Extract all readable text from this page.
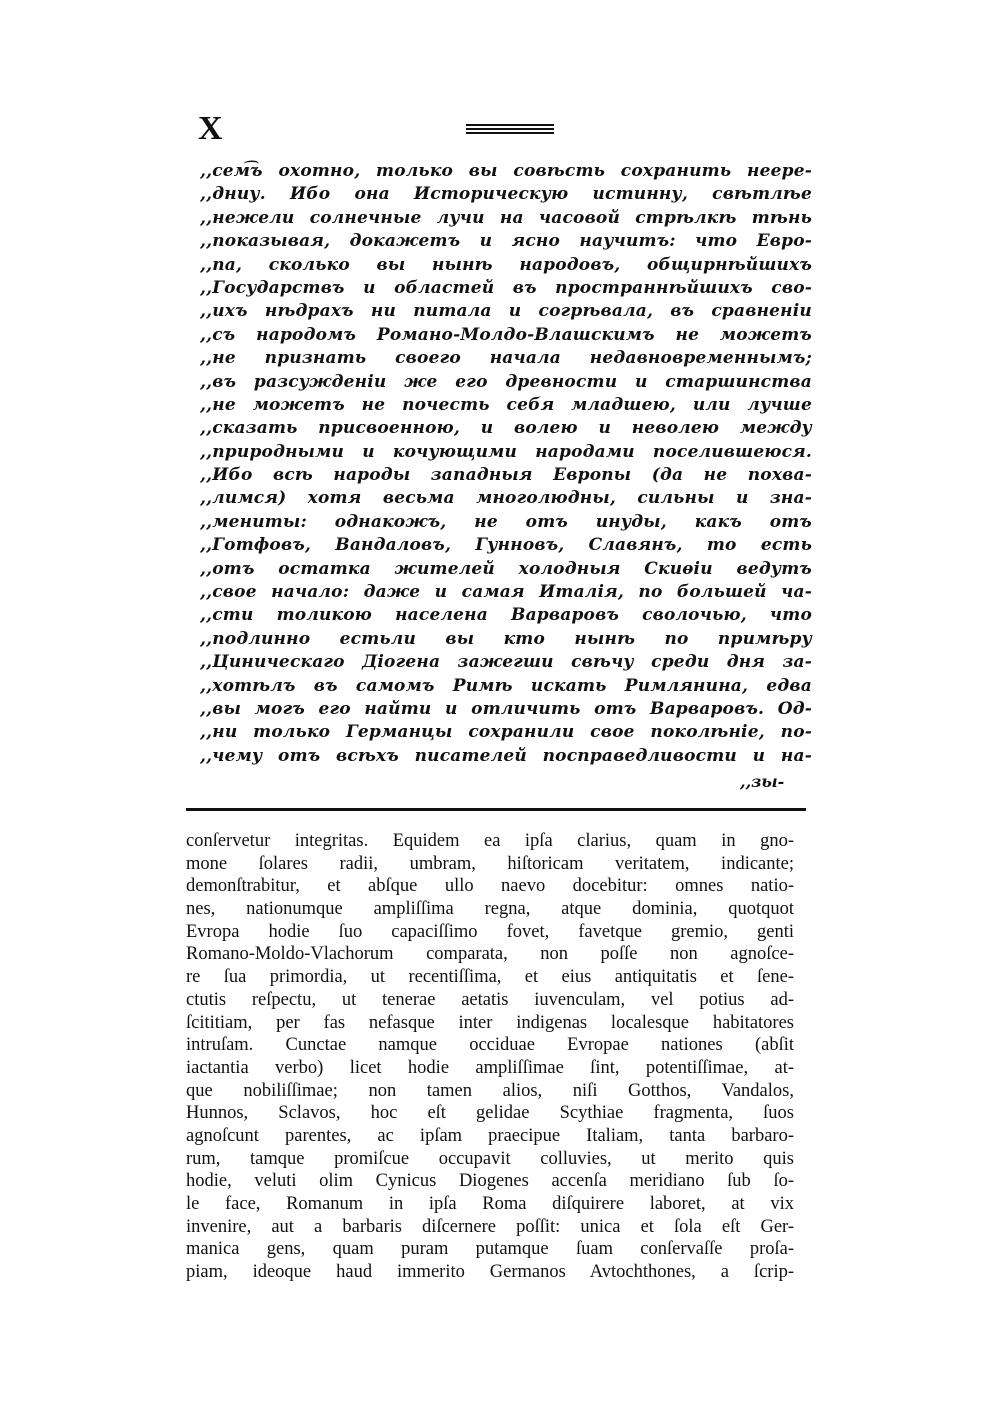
X
,,сем͡ъ охотно, только вы совѣсть сохранить неере-
,,дниу. Ибо она Историческую истинну, свѣтлѣе
,,нежели солнечные лучи на часовой стрѣлкѣ тѣнь
,,показывая, докажетъ и ясно научитъ: что Евро-
,,па, сколько вы нынѣ народовъ, общирнѣйшихъ
,,Государствъ и областей въ пространнѣйшихъ сво-
,,ихъ нѣдрахъ ни питала и согрѣвала, въ сравненiи
,,съ народомъ Романо-Молдо-Влашскимъ не можетъ
,,не признать своего начала недавновременнымъ;
,,въ разсужденiи же его древности и старшинства
,,не можетъ не почесть себя младшею, или лучше
,,сказать присвоенною, и волею и неволею между
,,природными и кочующими народами поселившеюся.
,,Ибо всѣ народы западныя Европы (да не похва-
,,лимся) хотя весьма многолюдны, сильны и зна-
,,мениты: однакожъ, не отъ инуды, какъ отъ
,,Готфовъ, Вандаловъ, Гунновъ, Славянъ, то есть
,,отъ остатка жителей холодныя Скиѳiи ведутъ
,,свое начало: даже и самая Италiя, по большей ча-
,,сти толикою населена Варваровъ сволочью, что
,,подлинно естьли вы кто нынѣ по примѣру
,,Циническаго Дiогена зажегши свѣчу среди дня за-
,,хотѣлъ въ самомъ Римѣ искать Римлянина, едва
,,вы могъ его найти и отличить отъ Варваровъ. Од-
,,ни только Германцы сохранили свое поколѣнiе, по-
,,чему отъ всѣхъ писателей посправедливости и на-
,,зы-
conſervetur integritas. Equidem ea ipſa clarius, quam in gno-
mone ſolares radii, umbram, hiſtoricam veritatem, indicante;
demonſtrabitur, et abſque ullo naevo docebitur: omnes natio-
nes, nationumque ampliſſima regna, atque dominia, quotquot
Evropa hodie ſuo capaciſſimo fovet, favetque gremio, genti
Romano-Moldo-Vlachorum comparata, non poſſe non agnoſce-
re ſua primordia, ut recentiſſima, et eius antiquitatis et ſene-
ctutis reſpectu, ut tenerae aetatis iuvenculam, vel potius ad-
ſcititiam, per fas nefasque inter indigenas localesque habitatores
intruſam. Cunctae namque occiduae Evropae nationes (abſit
iactantia verbo) licet hodie ampliſſimae ſint, potentiſſimae, at-
que nobiliſſimae; non tamen alios, niſi Gotthos, Vandalos,
Hunnos, Sclavos, hoc eſt gelidae Scythiae fragmenta, ſuos
agnoſcunt parentes, ac ipſam praecipue Italiam, tanta barbaro-
rum, tamque promiſcue occupavit colluvies, ut merito quis
hodie, veluti olim Cynicus Diogenes accenſa meridiano ſub ſo-
le face, Romanum in ipſa Roma diſquirere laboret, at vix
invenire, aut a barbaris diſcernere poſſit: unica et ſola eſt Ger-
manica gens, quam puram putamque ſuam conſervaſſe proſa-
piam, ideoque haud immerito Germanos Avtochthones, a ſcrip-
